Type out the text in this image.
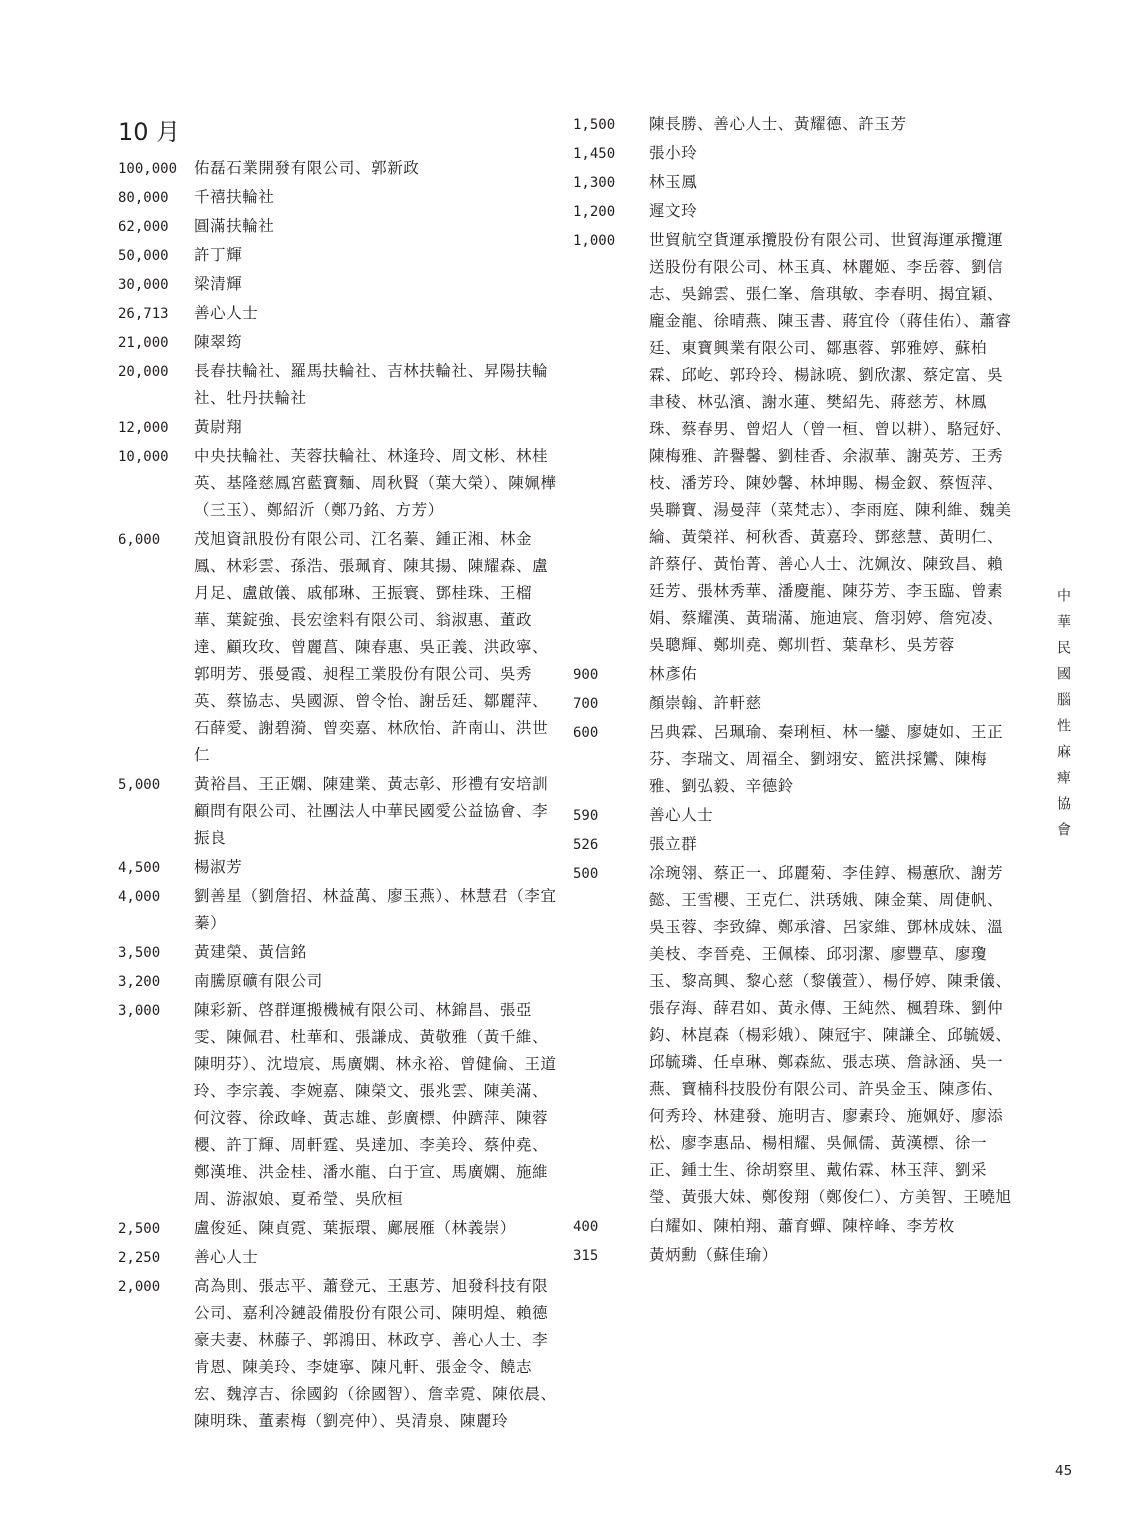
10 月
100,000	佑磊石業開發有限公司、郭新政
80,000	千禧扶輪社
62,000	圓滿扶輪社
50,000	許丁輝
30,000	梁清輝
26,713	善心人士
21,000	陳翠筠
20,000	長春扶輪社、羅馬扶輪社、吉林扶輪社、昇陽扶輪社、牡丹扶輪社
12,000	黃尉翔
10,000	中央扶輪社、芙蓉扶輪社、林逢玲、周文彬、林桂英、基隆慈鳳宮藍寶麵、周秋賢（葉大榮）、陳姵樺（三玉）、鄭紹沂（鄭乃銘、方芳）
6,000	茂旭資訊股份有限公司、江名蓁、鍾正湘、林金鳳、林彩雲、孫浩、張珮育、陳其揚、陳耀森、盧月足、盧啟儀、戚郁琳、王振寰、鄧桂珠、王榴華、葉錠強、長宏塗料有限公司、翁淑惠、董政達、顧玫玫、曾麗菖、陳春惠、吳正義、洪政寧、郭明芳、張曼霞、昶程工業股份有限公司、吳秀英、蔡協志、吳國源、曾令怡、謝岳廷、鄒麗萍、石薛愛、謝碧漪、曾奕嘉、林欣怡、許南山、洪世仁
5,000	黃裕昌、王正嫻、陳建業、黃志彰、形禮有安培訓顧問有限公司、社團法人中華民國愛公益協會、李振良
4,500	楊淑芳
4,000	劉善星（劉詹招、林益萬、廖玉燕）、林慧君（李宜蓁）
3,500	黃建榮、黃信銘
3,200	南騰原礦有限公司
3,000	陳彩新、啓群運搬機械有限公司、林錦昌、張亞雯、陳佩君、杜華和、張謙成、黃敬雅（黃千維、陳明芬）、沈塏宸、馬廣嫻、林永裕、曾健倫、王道玲、李宗義、李婉嘉、陳榮文、張兆雲、陳美滿、何汶蓉、徐政峰、黃志雄、彭廣標、仲躋萍、陳蓉櫻、許丁輝、周軒霆、吳達加、李美玲、蔡仲堯、鄭漢堆、洪金桂、潘水龍、白于宣、馬廣嫻、施維周、游淑娘、夏希瑩、吳欣桓
2,500	盧俊延、陳貞霓、葉振環、鄺展雁（林義崇）
2,250	善心人士
2,000	高為則、張志平、蕭登元、王惠芳、旭發科技有限公司、嘉利冷鏈設備股份有限公司、陳明煌、賴德豪夫妻、林藤子、郭鴻田、林政亨、善心人士、李肯恩、陳美玲、李婕寧、陳凡軒、張金令、饒志宏、魏淳吉、徐國鈞（徐國智）、詹幸霓、陳依晨、陳明珠、董素梅（劉亮仲）、吳清泉、陳麗玲
1,500	陳長勝、善心人士、黃耀德、許玉芳
1,450	張小玲
1,300	林玉鳳
1,200	遲文玲
1,000	世貿航空貨運承攬股份有限公司、世貿海運承攬運送股份有限公司、林玉真、林麗姬、李岳蓉、劉信志、吳錦雲、張仁峯、詹琪敏、李春明、揭宜穎、龐金龍、徐晴燕、陳玉書、蔣宜伶（蔣佳佑）、蕭睿廷、東寶興業有限公司、鄒惠蓉、郭雅婷、蘇柏霖、邱屹、郭玲玲、楊詠喨、劉欣潔、蔡定富、吳聿稜、林弘濱、謝水蓮、樊紹先、蔣慈芳、林鳳珠、蔡春男、曾炤人（曾一桓、曾以耕）、駱冠妤、陳梅雅、許譽馨、劉桂香、余淑華、謝英芳、王秀枝、潘芳玲、陳妙馨、林坤賜、楊金釵、蔡恆萍、吳聯寶、湯曼萍（菜梵志）、李雨庭、陳利維、魏美綸、黃榮祥、柯秋香、黃嘉玲、鄧慈慧、黃明仁、許蔡仔、黃怡菁、善心人士、沈姵汝、陳致昌、賴廷芳、張林秀華、潘慶龍、陳芬芳、李玉臨、曾素娟、蔡耀漢、黃瑞滿、施迪宸、詹羽婷、詹宛凌、吳聰輝、鄭圳堯、鄭圳哲、葉韋杉、吳芳蓉
900	林彥佑
700	顏崇翰、許軒慈
600	呂典霖、呂珮瑜、秦琍桓、林一鑾、廖婕如、王正芬、李瑞文、周福全、劉翊安、籃洪採鸞、陳梅雅、劉弘毅、辛德鈴
590	善心人士
526	張立群
500	凃琬翎、蔡正一、邱麗菊、李佳錞、楊蕙欣、謝芳懿、王雪櫻、王克仁、洪琇娥、陳金葉、周倢帆、吳玉蓉、李致緯、鄭承濬、呂家維、鄧林成妹、溫美枝、李晉堯、王佩榛、邱羽潔、廖豐草、廖瓊玉、黎高興、黎心慈（黎儀萱）、楊伃婷、陳秉儀、張存海、薛君如、黃永傳、王純然、楓碧珠、劉仲鈞、林崑森（楊彩娥）、陳冠宇、陳謙全、邱毓媛、邱毓璘、任卓琳、鄭森紘、張志瑛、詹詠涵、吳一燕、寶楠科技股份有限公司、許吳金玉、陳彥佑、何秀玲、林建發、施明吉、廖素玲、施姵妤、廖添松、廖李惠品、楊相耀、吳佩儒、黃漢標、徐一正、鍾士生、徐胡察里、戴佑霖、林玉萍、劉采瑩、黃張大妹、鄭俊翔（鄭俊仁）、方美智、王曉旭
400	白耀如、陳柏翔、蕭育蟬、陳梓峰、李芳枚
315	黃炳勳（蘇佳瑜）
中華民國腦性麻痺協會
45
